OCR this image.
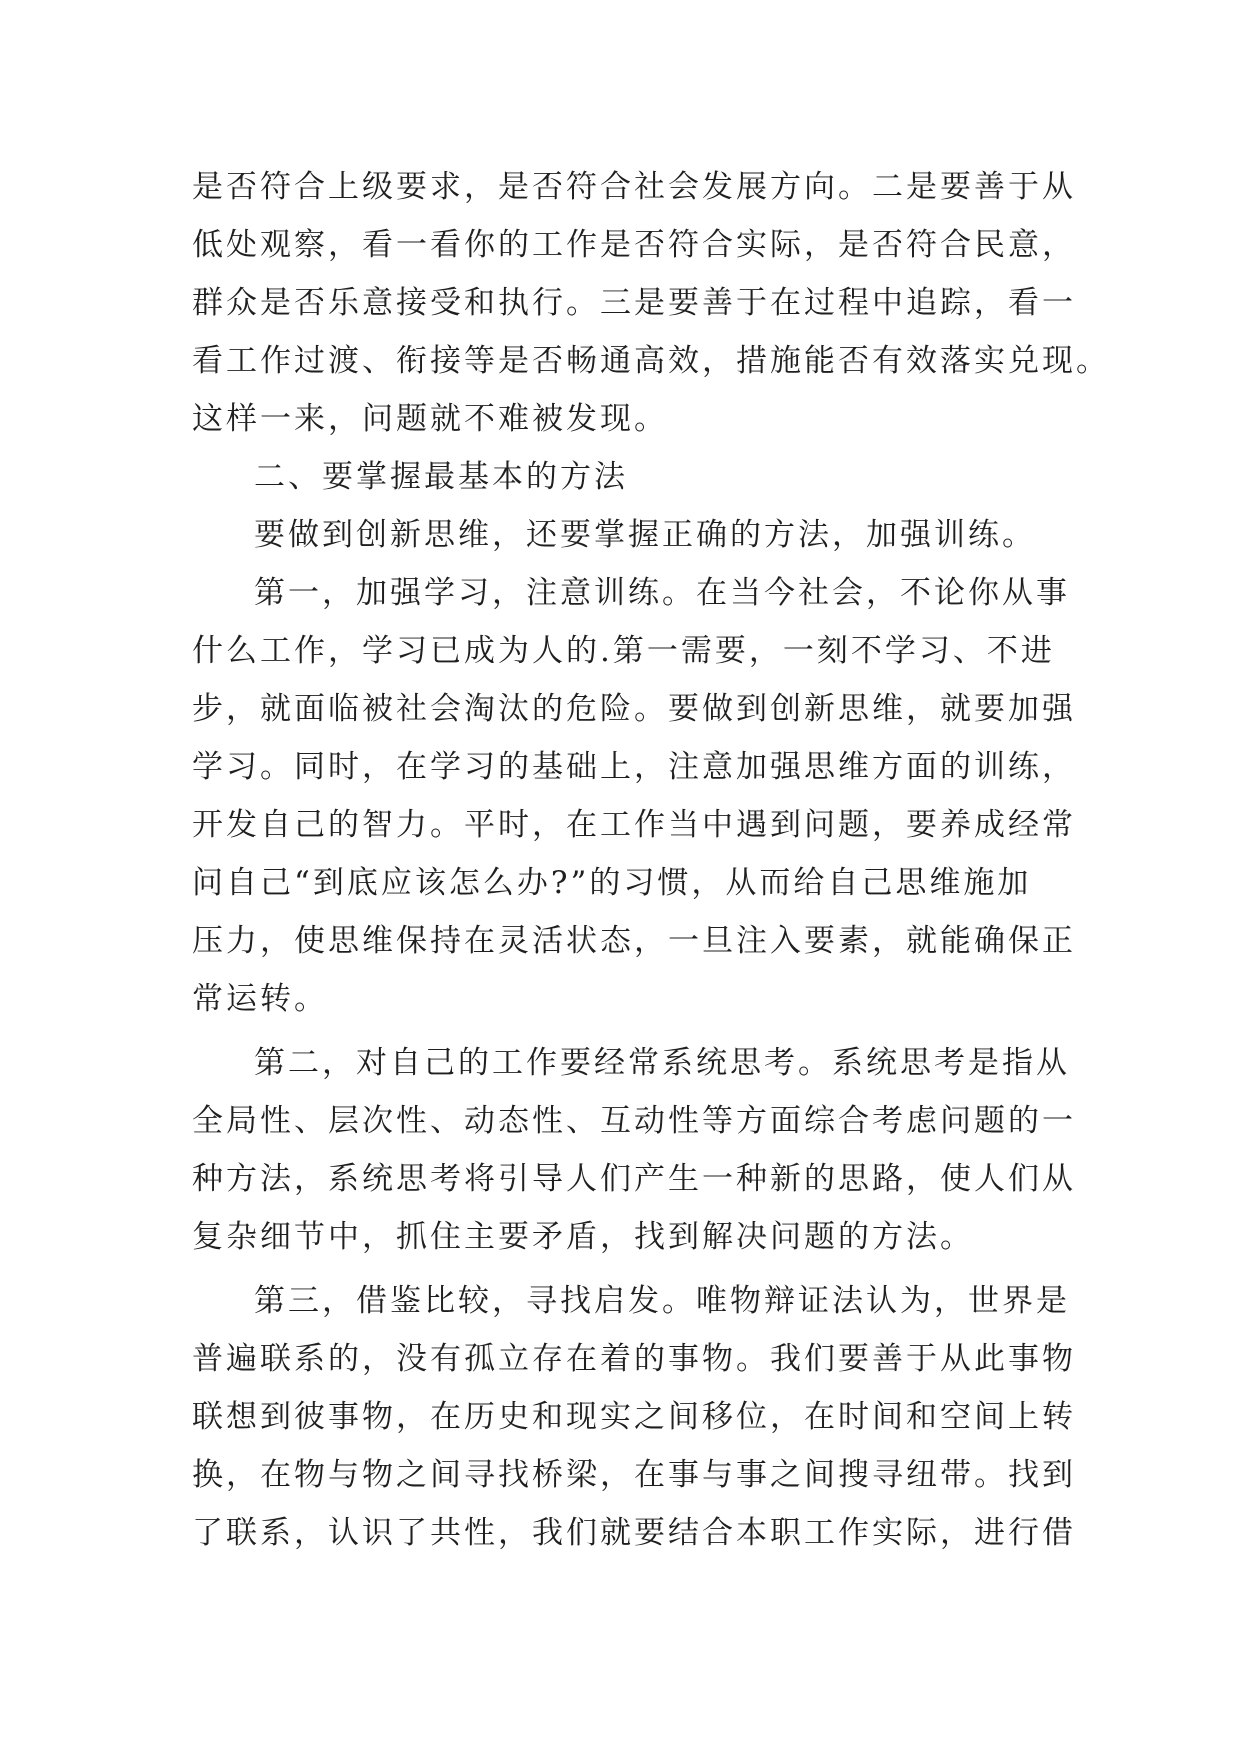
是否符合上级要求，是否符合社会发展方向。二是要善于从
低处观察，看一看你的工作是否符合实际，是否符合民意，
群众是否乐意接受和执行。三是要善于在过程中追踪，看一
看工作过渡、衔接等是否畅通高效，措施能否有效落实兑现。
这样一来，问题就不难被发现。
二、要掌握最基本的方法
要做到创新思维，还要掌握正确的方法，加强训练。
第一，加强学习，注意训练。在当今社会，不论你从事
什么工作，学习已成为人的.第一需要，一刻不学习、不进
步，就面临被社会淘汰的危险。要做到创新思维，就要加强
学习。同时，在学习的基础上，注意加强思维方面的训练，
开发自己的智力。平时，在工作当中遇到问题，要养成经常
问自己“到底应该怎么办?”的习惯，从而给自己思维施加
压力，使思维保持在灵活状态，一旦注入要素，就能确保正
常运转。
第二，对自己的工作要经常系统思考。系统思考是指从
全局性、层次性、动态性、互动性等方面综合考虑问题的一
种方法，系统思考将引导人们产生一种新的思路，使人们从
复杂细节中，抓住主要矛盾，找到解决问题的方法。
第三，借鉴比较，寻找启发。唯物辩证法认为，世界是
普遍联系的，没有孤立存在着的事物。我们要善于从此事物
联想到彼事物，在历史和现实之间移位，在时间和空间上转
换，在物与物之间寻找桥梁，在事与事之间搜寻纽带。找到
了联系，认识了共性，我们就要结合本职工作实际，进行借
